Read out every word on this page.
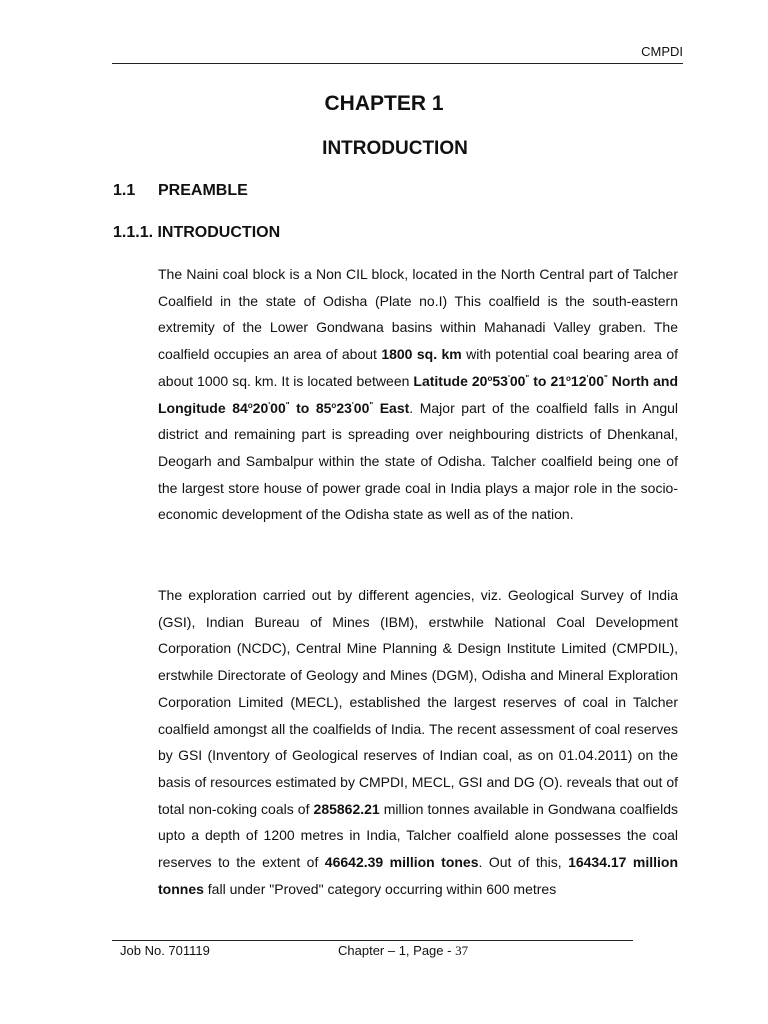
CMPDI
CHAPTER 1
INTRODUCTION
1.1 PREAMBLE
1.1.1. INTRODUCTION

The Naini coal block is a Non CIL block, located in the North Central part of Talcher Coalfield in the state of Odisha (Plate no.I) This coalfield is the south-eastern extremity of the Lower Gondwana basins within Mahanadi Valley graben. The coalfield occupies an area of about 1800 sq. km with potential coal bearing area of about 1000 sq. km. It is located between Latitude 20$^o$53'00" to 21$^o$12'00" North and Longitude 84$^o$20'00" to 85$^o$23'00" East. Major part of the coalfield falls in Angul district and remaining part is spreading over neighbouring districts of Dhenkanal, Deogarh and Sambalpur within the state of Odisha. Talcher coalfield being one of the largest store house of power grade coal in India plays a major role in the socio-economic development of the Odisha state as well as of the nation.

The exploration carried out by different agencies, viz. Geological Survey of India (GSI), Indian Bureau of Mines (IBM), erstwhile National Coal Development Corporation (NCDC), Central Mine Planning & Design Institute Limited (CMPDIL), erstwhile Directorate of Geology and Mines (DGM), Odisha and Mineral Exploration Corporation Limited (MECL), established the largest reserves of coal in Talcher coalfield amongst all the coalfields of India. The recent assessment of coal reserves by GSI (Inventory of Geological reserves of Indian coal, as on 01.04.2011) on the basis of resources estimated by CMPDI, MECL, GSI and DG (O). reveals that out of total non-coking coals of 285862.21 million tonnes available in Gondwana coalfields upto a depth of 1200 metres in India, Talcher coalfield alone possesses the coal reserves to the extent of 46642.39 million tones. Out of this, 16434.17 million tonnes fall under "Proved" category occurring within 600 metres

Job No. 701119	Chapter – 1, Page - 37
